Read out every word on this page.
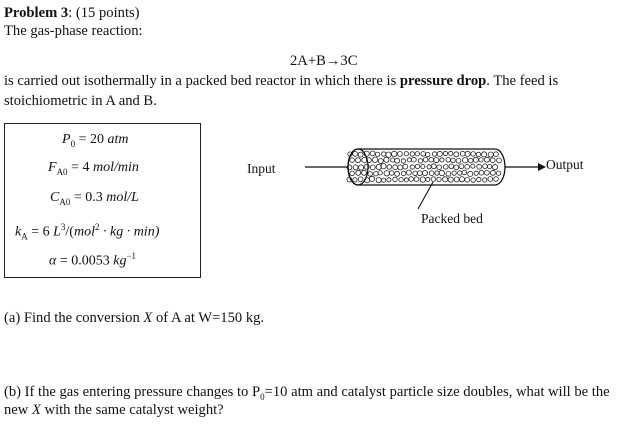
Problem 3: (15 points)
The gas-phase reaction:
2A+B→3C
is carried out isothermally in a packed bed reactor in which there is pressure drop. The feed is
stoichiometric in A and B.
$P_0 = 20$ atm
$F_{A0} = 4$ mol/min
$C_{A0} = 0.3$ mol/L
$k_A = 6$ $L^3/(mol^2$ · kg · min)
α = 0.0053 $kg^{-1}$
Input	Output
Packed bed
(a) Find the conversion X of A at W=150 kg.
(b) If the gas entering pressure changes to $P_0=10$ atm and catalyst particle size doubles, what will be the
new X with the same catalyst weight?
